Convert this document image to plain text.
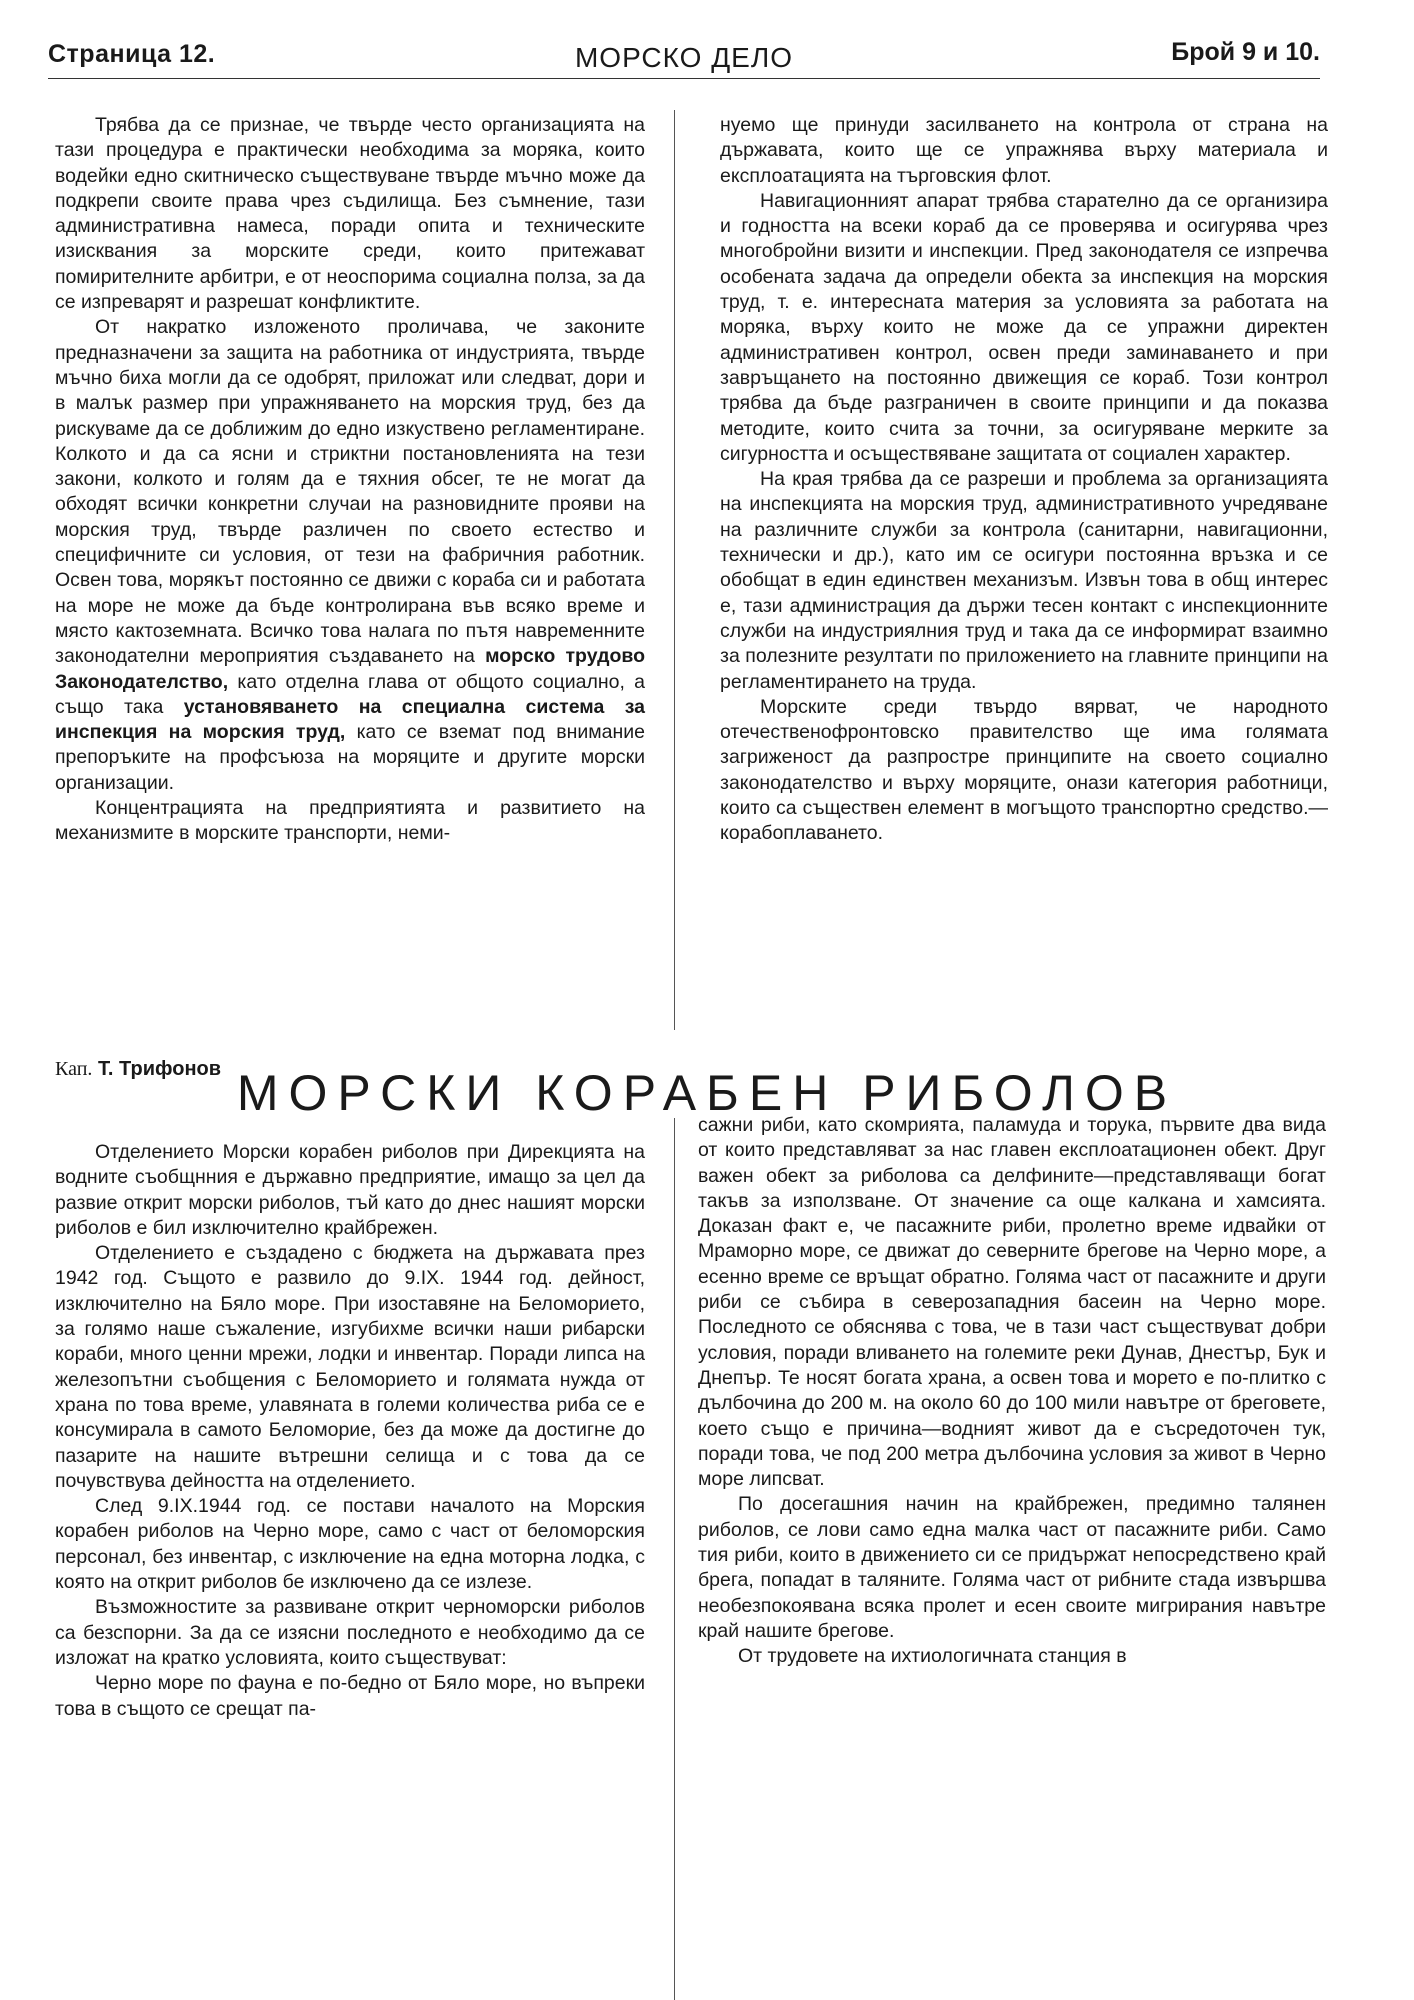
Страница 12.	МОРСКО ДЕЛО	Брой 9 и 10.

Трябва да се признае, че твърде често организацията на тази процедура е практически необходима за моряка, които водейки едно скитническо съществуване твърде мъчно може да подкрепи своите права чрез съдилища. Без съмнение, тази административна намеса, поради опита и техническите изисквания за морските среди, които притежават помирителните арбитри, е от неоспорима социална полза, за да се изпреварят и разрешат конфликтите.

От накратко изложеното проличава, че законите предназначени за защита на работника от индустрията, твърде мъчно биха могли да се одобрят, приложат или следват, дори и в малък размер при упражняването на морския труд, без да рискуваме да се доближим до едно изкуствено регламентиране. Колкото и да са ясни и стриктни постановленията на тези закони, колкото и голям да е тяхния обсег, те не могат да обходят всички конкретни случаи на разновидните прояви на морския труд, твърде различен по своето естество и специфичните си условия, от тези на фабричния работник. Освен това, морякът постоянно се движи с кораба си и работата на море не може да бъде контролирана във всяко време и място кактоземната. Всичко това налага по пътя навременните законодателни мероприятия създаването на морско трудово Законодателство, като отделна глава от общото социално, а също така установяването на специална система за инспекция на морския труд, като се вземат под внимание препоръките на профсъюза на моряците и другите морски организации.

Концентрацията на предприятията и развитието на механизмите в морските транспорти, неми-

нуемо ще принуди засилването на контрола от страна на държавата, които ще се упражнява върху материала и експлоатацията на търговския флот.

Навигационният апарат трябва старателно да се организира и годността на всеки кораб да се проверява и осигурява чрез многобройни визити и инспекции. Пред законодателя се изпречва особената задача да определи обекта за инспекция на морския труд, т. е. интересната материя за условията за работата на моряка, върху които не може да се упражни директен административен контрол, освен преди заминаването и при завръщането на постоянно движещия се кораб. Този контрол трябва да бъде разграничен в своите принципи и да показва методите, които счита за точни, за осигуряване мерките за сигурността и осъществяване защитата от социален характер.

На края трябва да се разреши и проблема за организацията на инспекцията на морския труд, административното учредяване на различните служби за контрола (санитарни, навигационни, технически и др.), като им се осигури постоянна връзка и се обобщат в един единствен механизъм. Извън това в общ интерес е, тази администрация да държи тесен контакт с инспекционните служби на индустриялния труд и така да се информират взаимно за полезните резултати по приложението на главните принципи на регламентирането на труда.

Морските среди твърдо вярват, че народното отечественофронтовско правителство ще има голямата загриженост да разпростре принципите на своето социално законодателство и върху моряците, онази категория работници, които са съществен елемент в могъщото транспортно средство.—корабоплаването.

Кап. Т. Трифонов МОРСКИ КОРАБЕН РИБОЛОВ

Отделението Морски корабен риболов при Дирекцията на водните съобщнния е държавно предприятие, имащо за цел да развие открит морски риболов, тъй като до днес нашият морски риболов е бил изключително крайбрежен.

Отделението е създадено с бюджета на държавата през 1942 год. Същото е развило до 9.IX. 1944 год. дейност, изключително на Бяло море. При изоставяне на Беломорието, за голямо наше съжаление, изгубихме всички наши рибарски кораби, много ценни мрежи, лодки и инвентар. Поради липса на железопътни съобщения с Беломорието и голямата нужда от храна по това време, улавяната в големи количества риба се е консумирала в самото Беломорие, без да може да достигне до пазарите на нашите вътрешни селища и с това да се почувствува дейността на отделението.

След 9.IX.1944 год. се постави началото на Морския корабен риболов на Черно море, само с част от беломорския персонал, без инвентар, с изключение на една моторна лодка, с която на открит риболов бе изключено да се излезе.

Възможностите за развиване открит черноморски риболов са безспорни. За да се изясни последното е необходимо да се изложат на кратко условията, които съществуват:

Черно море по фауна е по-бедно от Бяло море, но въпреки това в същото се срещат па-

сажни риби, като скомрията, паламуда и торука, първите два вида от които представляват за нас главен експлоатационен обект. Друг важен обект за риболова са делфините—представляващи богат такъв за използване. От значение са още калкана и хамсията. Доказан факт е, че пасажните риби, пролетно време идвайки от Мраморно море, се движат до северните брегове на Черно море, а есенно време се връщат обратно. Голяма част от пасажните и други риби се събира в северозападния басеин на Черно море. Последното се обяснява с това, че в тази част съществуват добри условия, поради вливането на големите реки Дунав, Днестър, Бук и Днепър. Те носят богата храна, а освен това и морето е по-плитко с дълбочина до 200 м. на около 60 до 100 мили навътре от бреговете, което също е причина—водният живот да е съсредоточен тук, поради това, че под 200 метра дълбочина условия за живот в Черно море липсват.

По досегашния начин на крайбрежен, предимно талянен риболов, се лови само една малка част от пасажните риби. Само тия риби, които в движението си се придържат непосредствено край брега, попадат в таляните. Голяма част от рибните стада извършва необезпокоявана всяка пролет и есен своите мигрирания навътре край нашите брегове.

От трудовете на ихтиологичната станция в
